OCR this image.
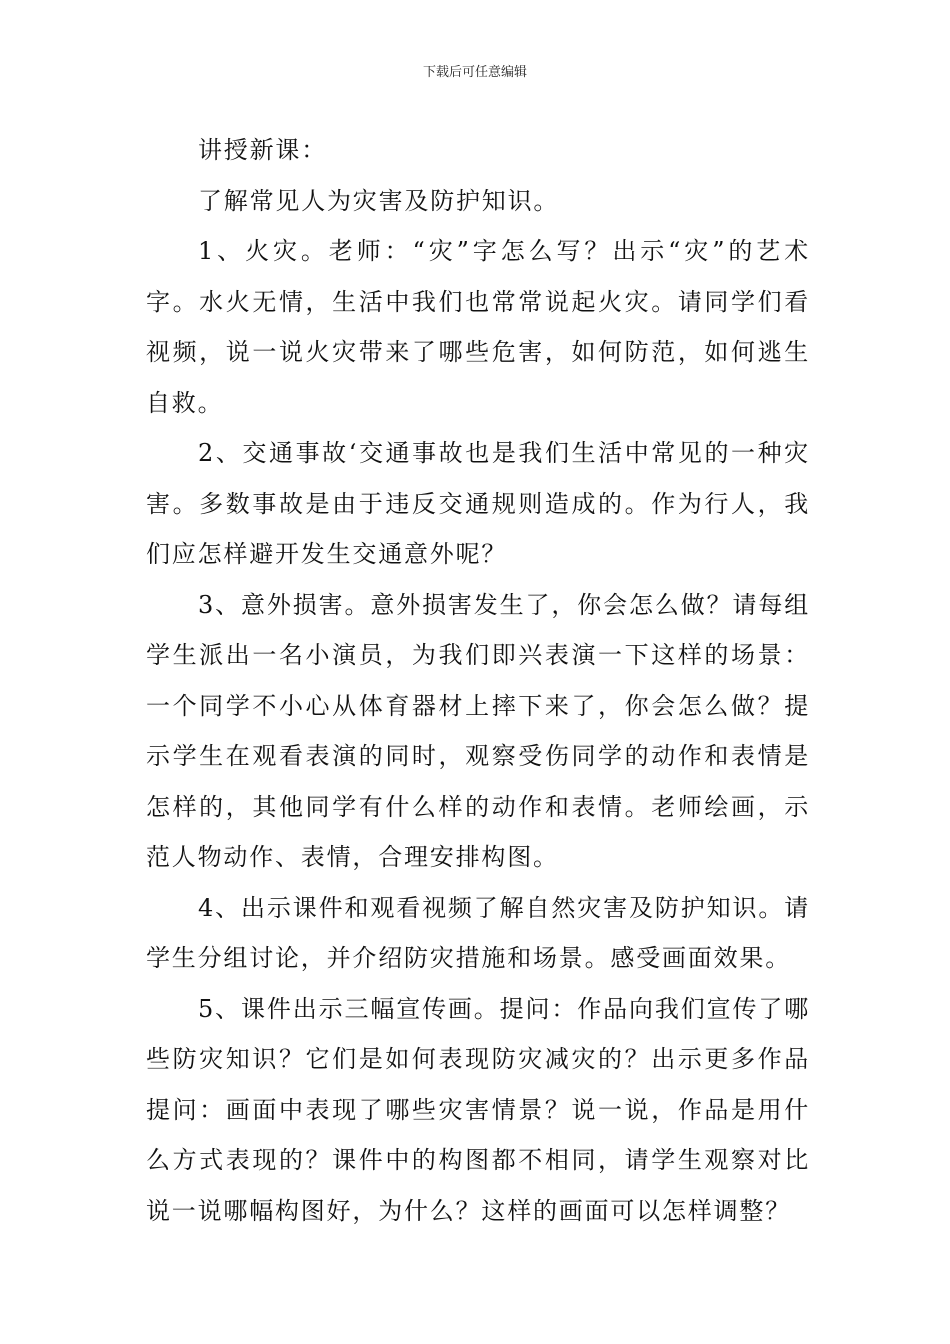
下载后可任意编辑

讲授新课：

了解常见人为灾害及防护知识。

1、火灾。老师：“灾”字怎么写？出示“灾”的艺术字。水火无情，生活中我们也常常说起火灾。请同学们看视频，说一说火灾带来了哪些危害，如何防范，如何逃生自救。

2、交通事故‘交通事故也是我们生活中常见的一种灾害。多数事故是由于违反交通规则造成的。作为行人，我们应怎样避开发生交通意外呢？

3、意外损害。意外损害发生了，你会怎么做？请每组学生派出一名小演员，为我们即兴表演一下这样的场景：一个同学不小心从体育器材上摔下来了，你会怎么做？提示学生在观看表演的同时，观察受伤同学的动作和表情是怎样的，其他同学有什么样的动作和表情。老师绘画，示范人物动作、表情，合理安排构图。

4、出示课件和观看视频了解自然灾害及防护知识。请学生分组讨论，并介绍防灾措施和场景。感受画面效果。

5、课件出示三幅宣传画。提问：作品向我们宣传了哪些防灾知识？它们是如何表现防灾减灾的？出示更多作品提问：画面中表现了哪些灾害情景？说一说，作品是用什么方式表现的？课件中的构图都不相同，请学生观察对比说一说哪幅构图好，为什么？这样的画面可以怎样调整？
